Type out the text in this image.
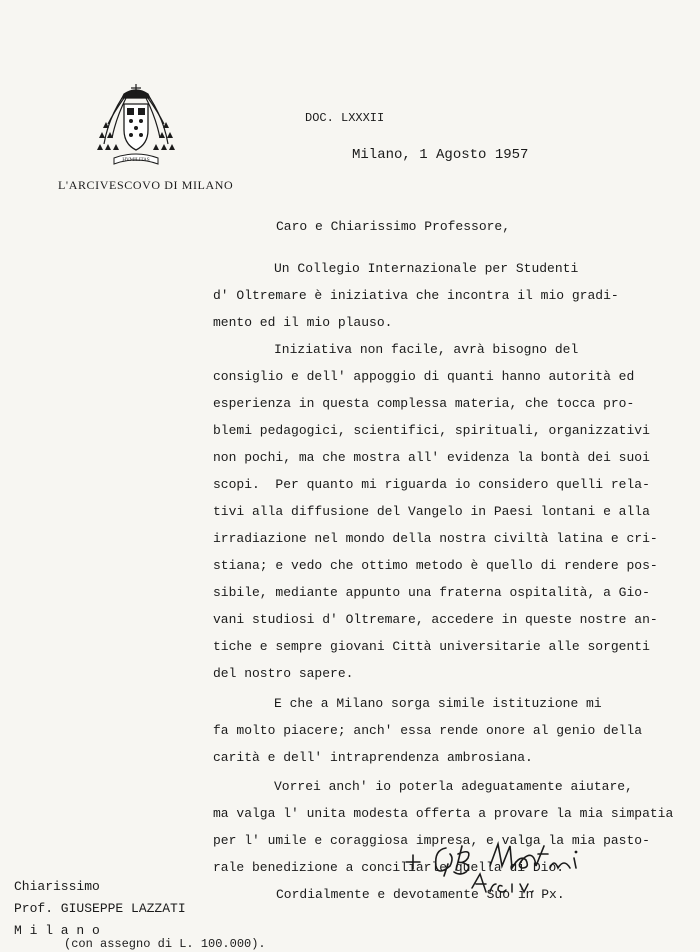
HVMILITAS
L'ARCIVESCOVO DI MILANO
DOC. LXXXII
Milano, 1 Agosto 1957
Caro e Chiarissimo Professore,
Un Collegio Internazionale per Studenti
d' Oltremare è iniziativa che incontra il mio gradi-
mento ed il mio plauso.
Iniziativa non facile, avrà bisogno del
consiglio e dell' appoggio di quanti hanno autorità ed
esperienza in questa complessa materia, che tocca pro-
blemi pedagogici, scientifici, spirituali, organizzativi
non pochi, ma che mostra all' evidenza la bontà dei suoi
scopi.  Per quanto mi riguarda io considero quelli rela-
tivi alla diffusione del Vangelo in Paesi lontani e alla
irradiazione nel mondo della nostra civiltà latina e cri-
stiana; e vedo che ottimo metodo è quello di rendere pos-
sibile, mediante appunto una fraterna ospitalità, a Gio-
vani studiosi d' Oltremare, accedere in queste nostre an-
tiche e sempre giovani Città universitarie alle sorgenti
del nostro sapere.
E che a Milano sorga simile istituzione mi
fa molto piacere; anch' essa rende onore al genio della
carità e dell' intraprendenza ambrosiana.
Vorrei anch' io poterla adeguatamente aiutare,
ma valga l' unita modesta offerta a provare la mia simpatia
per l' umile e coraggiosa impresa, e valga la mia pasto-
rale benedizione a conciliarle quella di Dio.
Cordialmente e devotamente Suo in Px.
Chiarissimo
Prof. GIUSEPPE LAZZATI
M i l a n o
(con assegno di L. 100.000).
